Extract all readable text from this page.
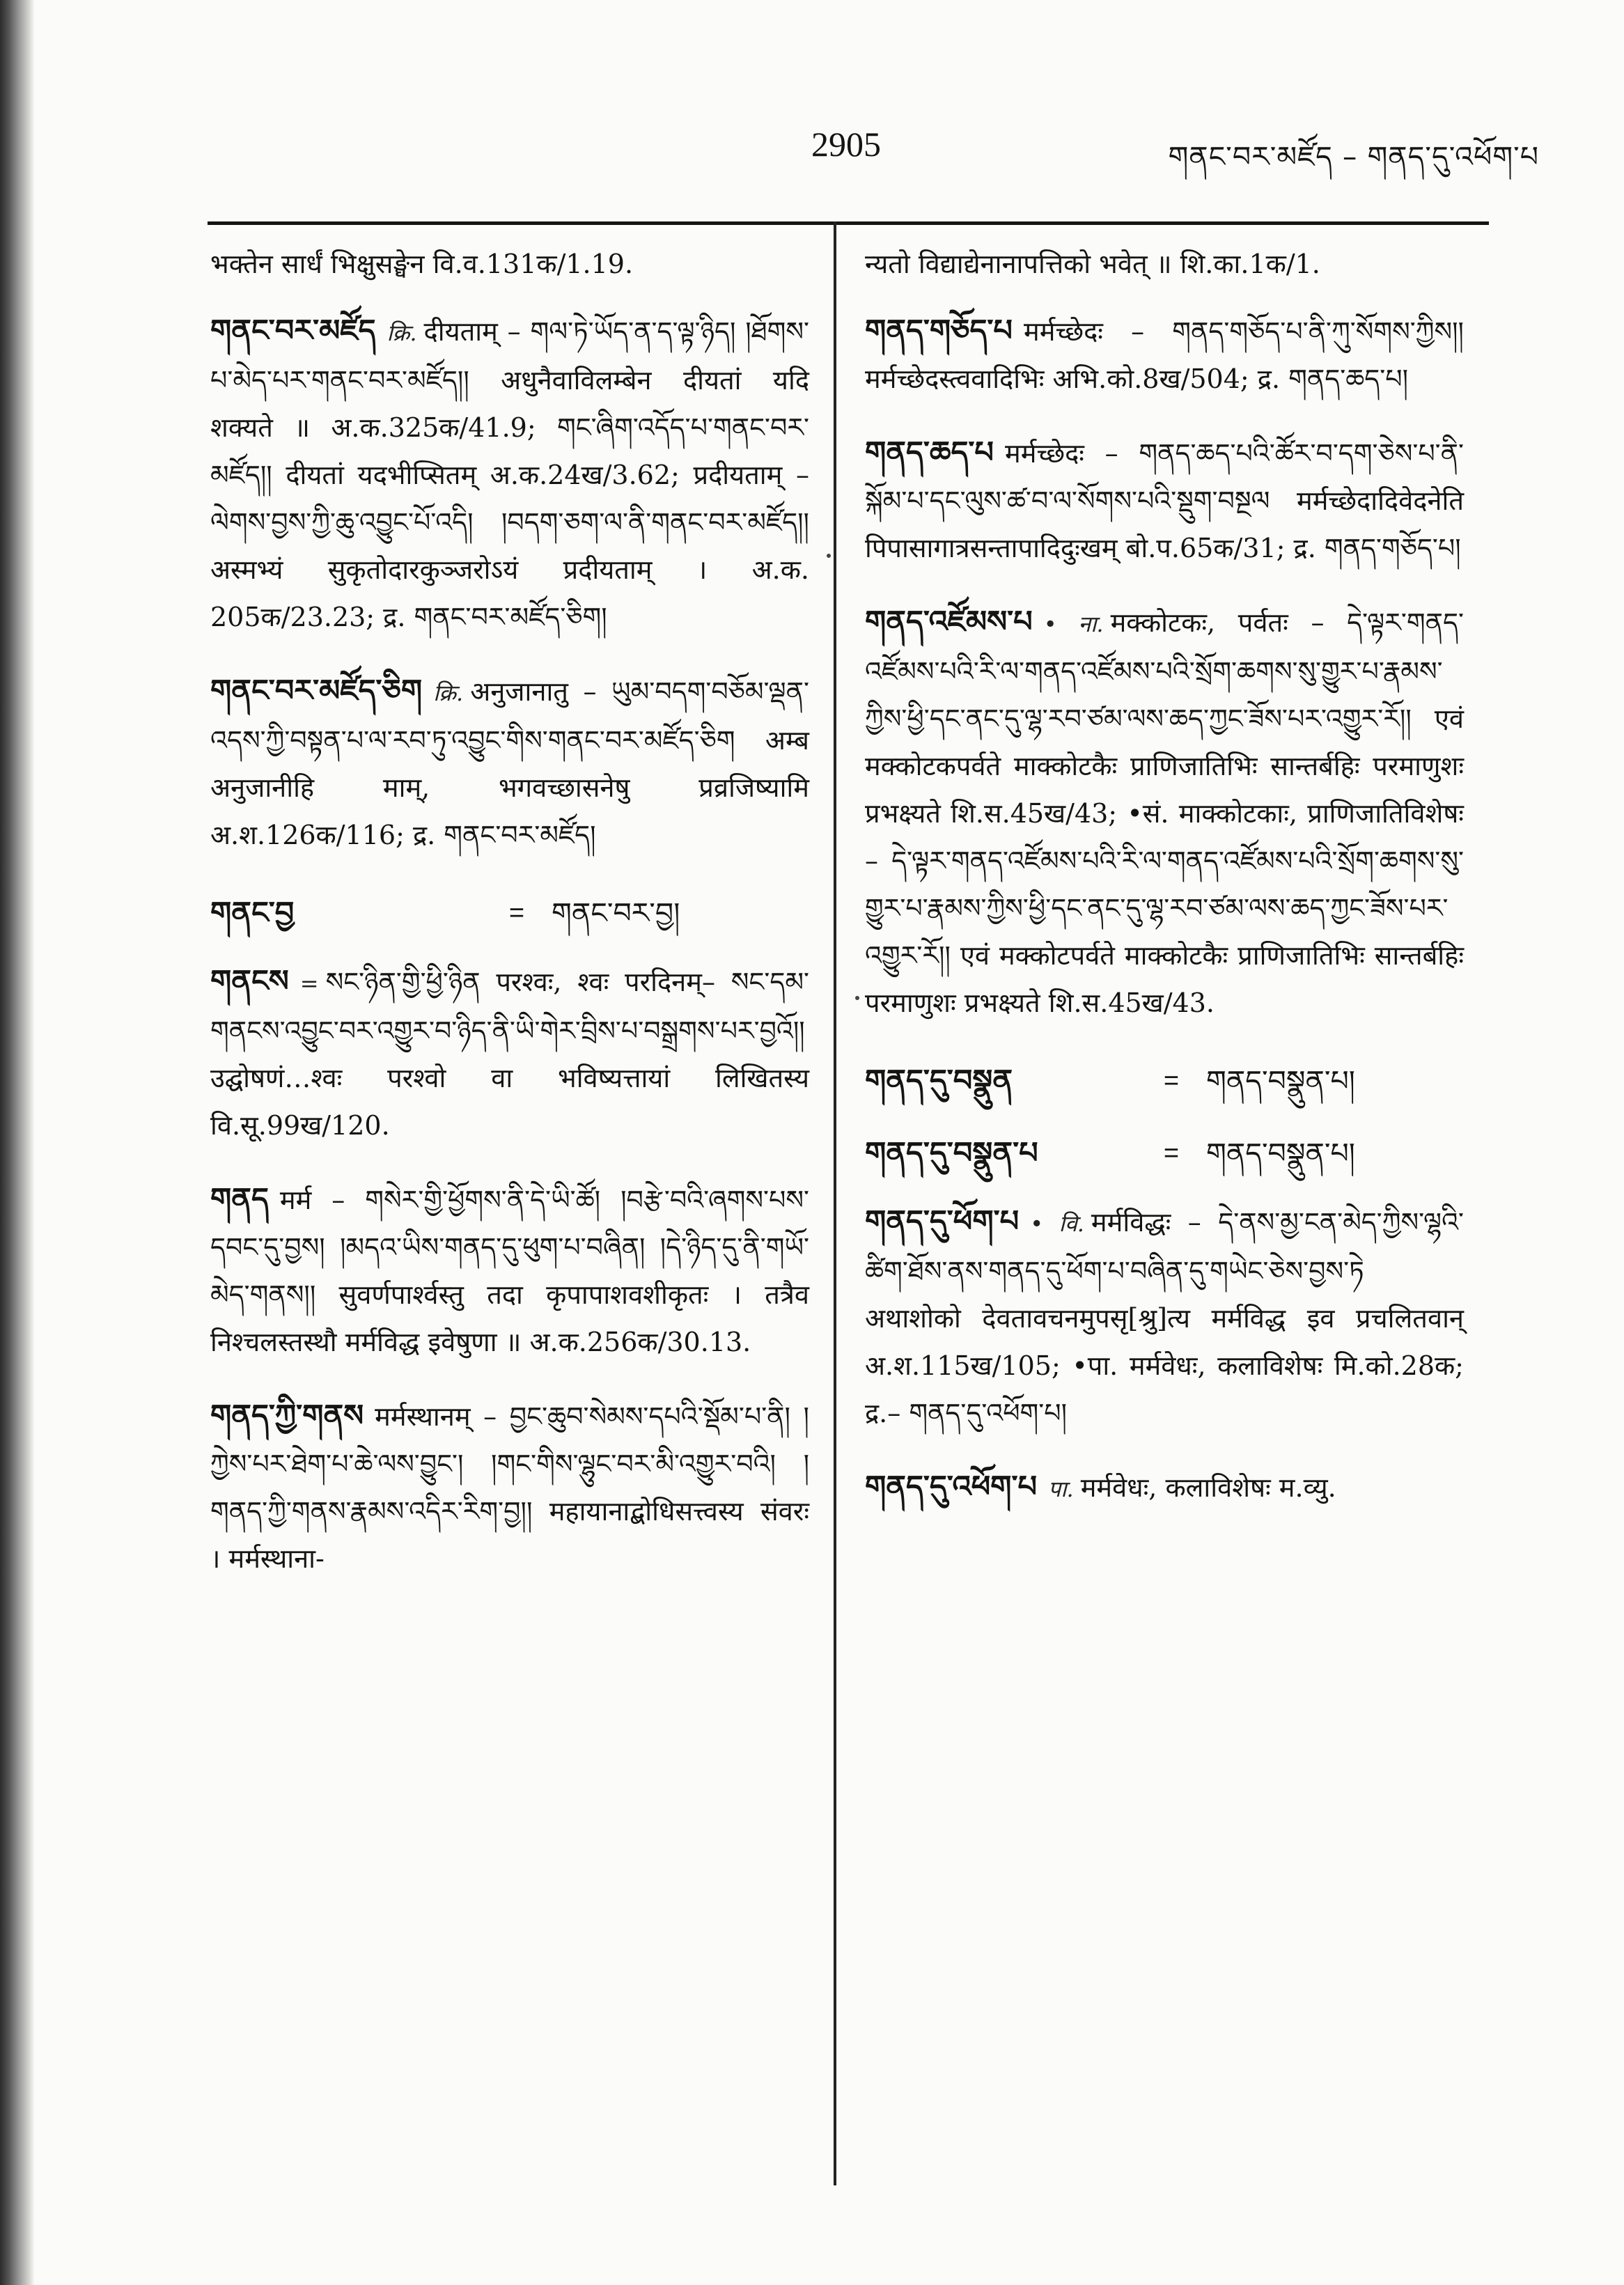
2905	གནང་བར་མཛོད – གནད་དུ་འཕོག་པ
भक्तेन सार्धं भिक्षुसङ्घेन वि.व.131क/1.19.
གནང་བར་མཛོད क्रि. दीयताम् – གལ་ཏེ་ཡོད་ན་ད་ལྟ་ཉིད། །ཐོགས་པ་མེད་པར་གནང་བར་མཛོད།། अधुनैवाविलम्बेन दीयतां यदि शक्यते ॥ अ.क.325क/41.9; གང་ཞིག་འདོད་པ་གནང་བར་མཛོད།། दीयतां यदभीप्सितम् अ.क.24ख/3.62; प्रदीयताम् – ལེགས་བྱས་ཀྱི་ཆུ་འབྱུང་པོ་འདི། །བདག་ཅག་ལ་ནི་གནང་བར་མཛོད།། अस्मभ्यं सुकृतोदारकुञ्जरोऽयं प्रदीयताम् । अ.क. 205क/23.23; द्र. གནང་བར་མཛོད་ཅིག།
གནང་བར་མཛོད་ཅིག क्रि. अनुजानातु – ཡུམ་བདག་བཅོམ་ལྡན་འདས་ཀྱི་བསྟན་པ་ལ་རབ་ཏུ་འབྱུང་གིས་གནང་བར་མཛོད་ཅིག अम्ब अनुजानीहि माम्, भगवच्छासनेषु प्रव्रजिष्यामि अ.श.126क/116; द्र. གནང་བར་མཛོད།
གནང་བྱ	= གནང་བར་བྱ།
གནངས = སང་ཉིན་གྱི་ཕྱི་ཉིན परश्वः, श्वः परदिनम्– སང་དམ་གནངས་འབྱུང་བར་འགྱུར་བ་ཉིད་ནི་ཡི་གེར་བྲིས་པ་བསྒྲགས་པར་བྱའོ།། उद्घोषणं…श्वः परश्वो वा भविष्यत्तायां लिखितस्य वि.सू.99ख/120.
གནད मर्म – གསེར་གྱི་ཕྱོགས་ནི་དེ་ཡི་ཚོ། །བརྩེ་བའི་ཞགས་པས་དབང་དུ་བྱས། །མདའ་ཡིས་གནད་དུ་ཕུག་པ་བཞིན། །དེ་ཉིད་དུ་ནི་གཡོ་མེད་གནས།། सुवर्णपार्श्वस्तु तदा कृपापाशवशीकृतः । तत्रैव निश्चलस्तस्थौ मर्मविद्ध इवेषुणा ॥ अ.क.256क/30.13.
གནད་ཀྱི་གནས मर्मस्थानम् – བྱང་ཆུབ་སེམས་དཔའི་སྡོམ་པ་ནི། །ཀྱེས་པར་ཐེག་པ་ཆེ་ལས་བྱུང་། །གང་གིས་ལྷུང་བར་མི་འགྱུར་བའི། །གནད་ཀྱི་གནས་རྣམས་འདིར་རིག་བྱ།། महायानाद्बोधिसत्त्वस्य संवरः । मर्मस्थाना-
न्यतो विद्याद्येनानापत्तिको भवेत् ॥ शि.का.1क/1.
གནད་གཅོད་པ मर्मच्छेदः – གནད་གཅོད་པ་ནི་ཀུ་སོགས་ཀྱིས།། मर्मच्छेदस्त्ववादिभिः अभि.को.8ख/504; द्र. གནད་ཆད་པ།
གནད་ཆད་པ मर्मच्छेदः – གནད་ཆད་པའི་ཚོར་བ་དག་ཅེས་པ་ནི་སྐོམ་པ་དང་ལུས་ཚ་བ་ལ་སོགས་པའི་སྡུག་བསྔལ मर्मच्छेदादिवेदनेति पिपासागात्रसन्तापादिदुःखम् बो.प.65क/31; द्र. གནད་གཅོད་པ།
གནད་འཛོམས་པ • ना. मक्कोटकः, पर्वतः – དེ་ལྟར་གནད་འཛོམས་པའི་རི་ལ་གནད་འཛོམས་པའི་སྲོག་ཆགས་སུ་གྱུར་པ་རྣམས་ཀྱིས་ཕྱི་དང་ནང་དུ་ལྷ་རབ་ཙམ་ལས་ཆད་ཀྱང་ཟོས་པར་འགྱུར་རོ།། एवं मक्कोटकपर्वते माक्कोटकैः प्राणिजातिभिः सान्तर्बहिः परमाणुशः प्रभक्ष्यते शि.स.45ख/43; •सं. माक्कोटकाः, प्राणिजातिविशेषः – དེ་ལྟར་གནད་འཛོམས་པའི་རི་ལ་གནད་འཛོམས་པའི་སྲོག་ཆགས་སུ་གྱུར་པ་རྣམས་ཀྱིས་ཕྱི་དང་ནང་དུ་ལྷ་རབ་ཙམ་ལས་ཆད་ཀྱང་ཟོས་པར་འགྱུར་རོ།། एवं मक्कोटपर्वते माक्कोटकैः प्राणिजातिभिः सान्तर्बहिः परमाणुशः प्रभक्ष्यते शि.स.45ख/43.
གནད་དུ་བསྣུན	= གནད་བསྣུན་པ།
གནད་དུ་བསྣུན་པ	= གནད་བསྣུན་པ།
གནད་དུ་ཕོག་པ • वि. मर्मविद्धः – དེ་ནས་མྱ་ངན་མེད་ཀྱིས་ལྷའི་ཚིག་ཐོས་ནས་གནད་དུ་ཕོག་པ་བཞིན་དུ་གཡེང་ཅེས་བྱས་ཏེ अथाशोको देवतावचनमुपसृ[श्रु]त्य मर्मविद्ध इव प्रचलितवान् अ.श.115ख/105; •पा. मर्मवेधः, कलाविशेषः मि.को.28क; द्र.– གནད་དུ་འཕོག་པ།
གནད་དུ་འཕོག་པ पा. मर्मवेधः, कलाविशेषः म.व्यु.
